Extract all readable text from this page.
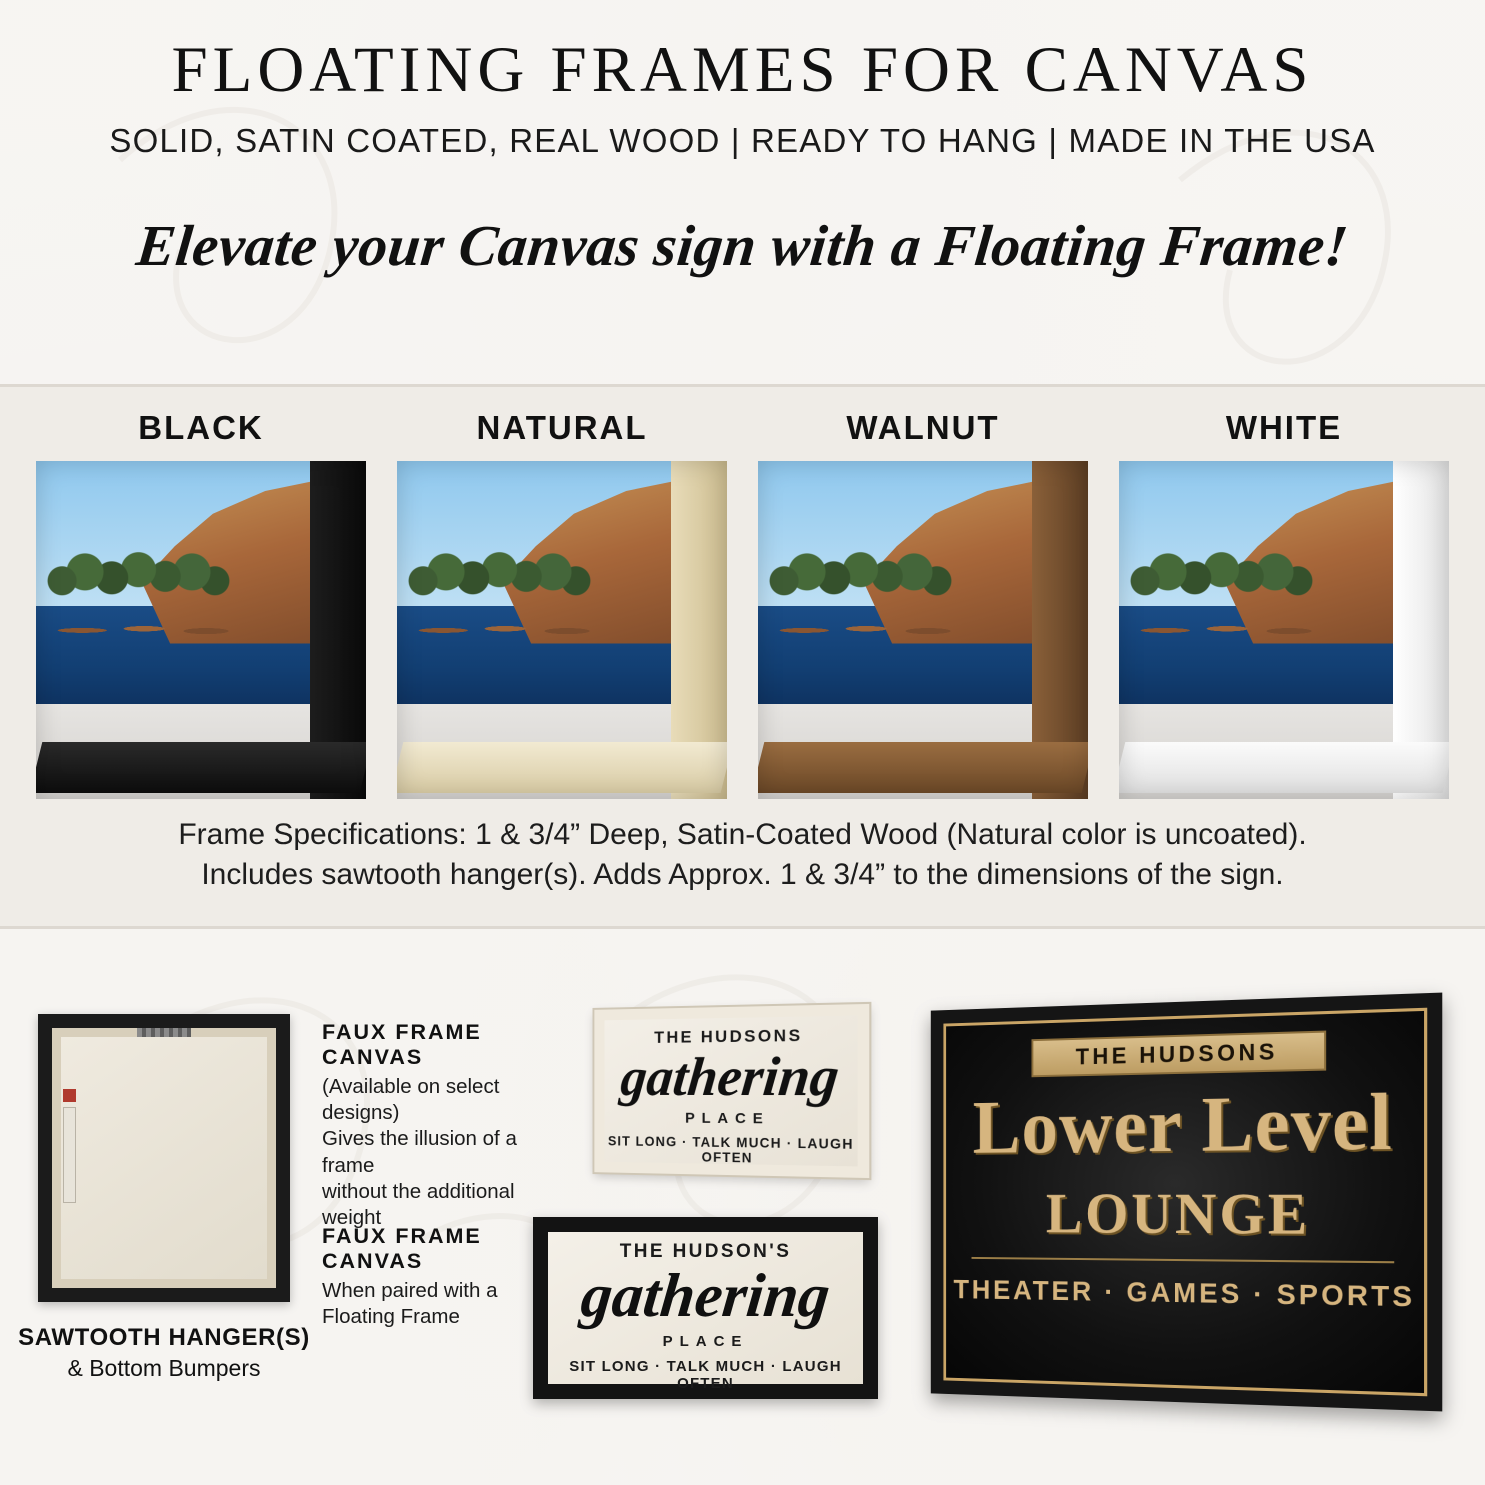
FLOATING FRAMES FOR CANVAS
SOLID, SATIN COATED, REAL WOOD | READY TO HANG | MADE IN THE USA
Elevate your Canvas sign with a Floating Frame!
BLACK	NATURAL	WALNUT	WHITE
Frame Specifications: 1 & 3/4” Deep, Satin-Coated Wood (Natural color is uncoated).
Includes sawtooth hanger(s). Adds Approx. 1 & 3/4” to the dimensions of the sign.
SAWTOOTH HANGER(S)
& Bottom Bumpers
FAUX FRAME CANVAS
(Available on select designs)
Gives the illusion of a frame
without the additional weight
FAUX FRAME CANVAS
When paired with a
Floating Frame
THE HUDSONS
gathering
PLACE
SIT LONG · TALK MUCH · LAUGH OFTEN
THE HUDSON'S
gathering
PLACE
SIT LONG · TALK MUCH · LAUGH OFTEN
THE HUDSONS
Lower Level
LOUNGE
THEATER · GAMES · SPORTS
